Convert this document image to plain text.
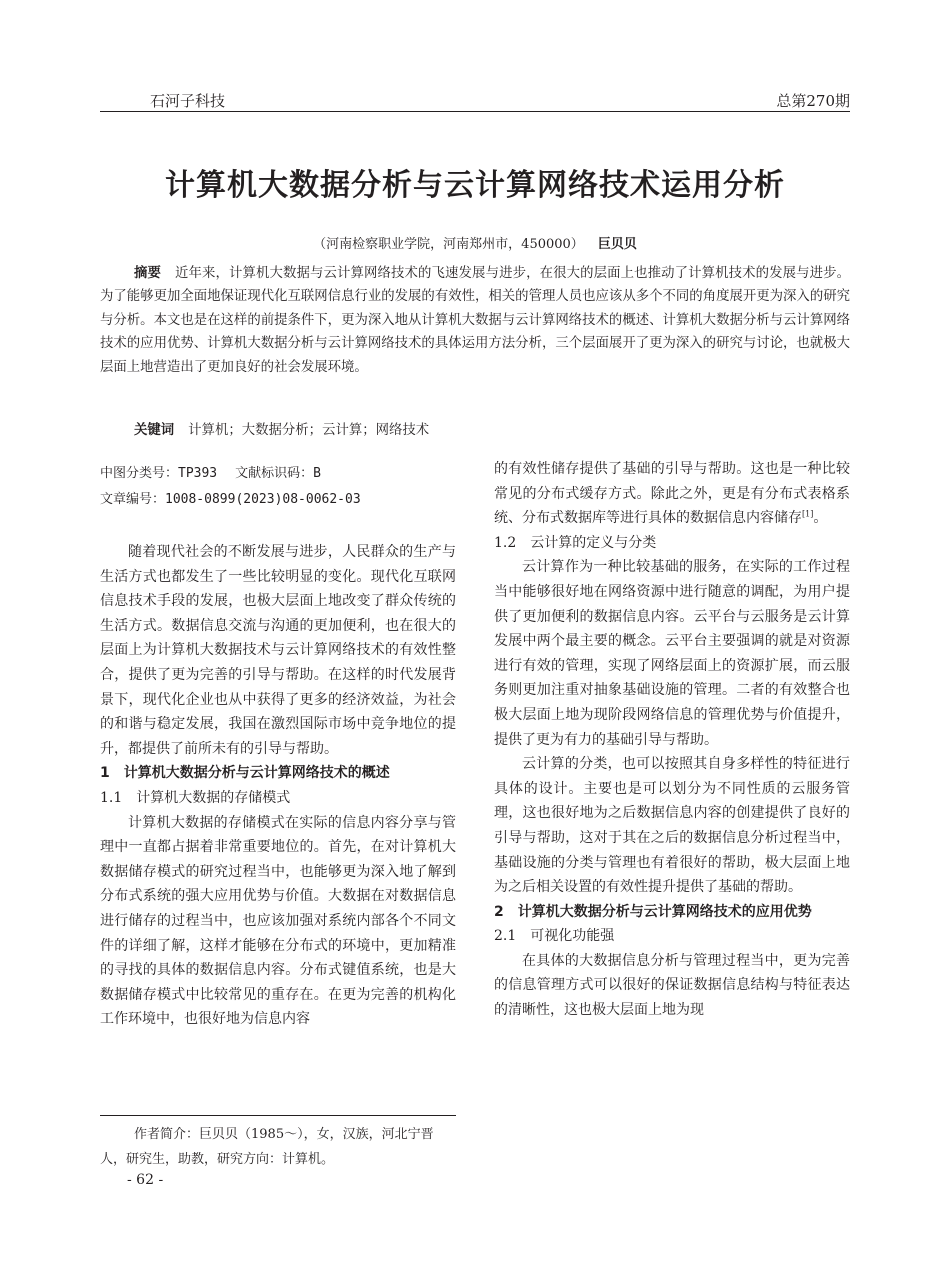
石河子科技	总第270期
计算机大数据分析与云计算网络技术运用分析
（河南检察职业学院，河南郑州市，450000） 巨贝贝
摘要 近年来，计算机大数据与云计算网络技术的飞速发展与进步，在很大的层面上也推动了计算机技术的发展与进步。为了能够更加全面地保证现代化互联网信息行业的发展的有效性，相关的管理人员也应该从多个不同的角度展开更为深入的研究与分析。本文也是在这样的前提条件下，更为深入地从计算机大数据与云计算网络技术的概述、计算机大数据分析与云计算网络技术的应用优势、计算机大数据分析与云计算网络技术的具体运用方法分析，三个层面展开了更为深入的研究与讨论，也就极大层面上地营造出了更加良好的社会发展环境。
关键词 计算机；大数据分析；云计算；网络技术
中图分类号：TP393 文献标识码：B
文章编号：1008-0899(2023)08-0062-03

随着现代社会的不断发展与进步，人民群众的生产与生活方式也都发生了一些比较明显的变化。现代化互联网信息技术手段的发展，也极大层面上地改变了群众传统的生活方式。数据信息交流与沟通的更加便利，也在很大的层面上为计算机大数据技术与云计算网络技术的有效性整合，提供了更为完善的引导与帮助。在这样的时代发展背景下，现代化企业也从中获得了更多的经济效益，为社会的和谐与稳定发展，我国在激烈国际市场中竞争地位的提升，都提供了前所未有的引导与帮助。

1　计算机大数据分析与云计算网络技术的概述

1.1　计算机大数据的存储模式

计算机大数据的存储模式在实际的信息内容分享与管理中一直都占据着非常重要地位的。首先，在对计算机大数据储存模式的研究过程当中，也能够更为深入地了解到分布式系统的强大应用优势与价值。大数据在对数据信息进行储存的过程当中，也应该加强对系统内部各个不同文件的详细了解，这样才能够在分布式的环境中，更加精准的寻找的具体的数据信息内容。分布式键值系统，也是大数据储存模式中比较常见的重存在。在更为完善的机构化工作环境中，也很好地为信息内容

的有效性储存提供了基础的引导与帮助。这也是一种比较常见的分布式缓存方式。除此之外，更是有分布式表格系统、分布式数据库等进行具体的数据信息内容储存[1]。

1.2　云计算的定义与分类

云计算作为一种比较基础的服务，在实际的工作过程当中能够很好地在网络资源中进行随意的调配，为用户提供了更加便利的数据信息内容。云平台与云服务是云计算发展中两个最主要的概念。云平台主要强调的就是对资源进行有效的管理，实现了网络层面上的资源扩展，而云服务则更加注重对抽象基础设施的管理。二者的有效整合也极大层面上地为现阶段网络信息的管理优势与价值提升，提供了更为有力的基础引导与帮助。

云计算的分类，也可以按照其自身多样性的特征进行具体的设计。主要也是可以划分为不同性质的云服务管理，这也很好地为之后数据信息内容的创建提供了良好的引导与帮助，这对于其在之后的数据信息分析过程当中，基础设施的分类与管理也有着很好的帮助，极大层面上地为之后相关设置的有效性提升提供了基础的帮助。

2　计算机大数据分析与云计算网络技术的应用优势

2.1　可视化功能强

在具体的大数据信息分析与管理过程当中，更为完善的信息管理方式可以很好的保证数据信息结构与特征表达的清晰性，这也极大层面上地为现

作者简介：巨贝贝（1985～），女，汉族，河北宁晋人，研究生，助教，研究方向：计算机。
- 62 -
